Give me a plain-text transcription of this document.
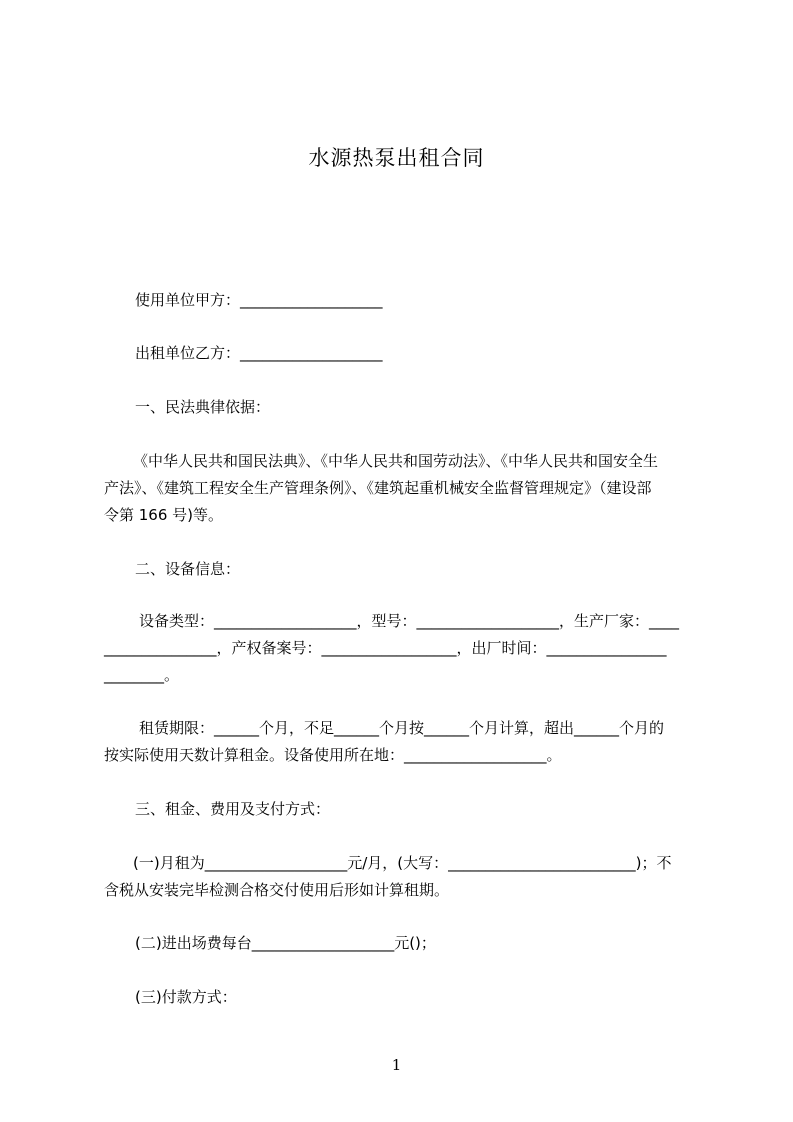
水源热泵出租合同
使用单位甲方：___________________
出租单位乙方：___________________
一、民法典律依据：
《中华人民共和国民法典》、《中华人民共和国劳动法》、《中华人民共和国安全生
产法》、《建筑工程安全生产管理条例》、《建筑起重机械安全监督管理规定》（建设部
令第 166 号)等。
二、设备信息：
设备类型：___________________，型号：___________________，生产厂家：____
_______________，产权备案号：__________________，出厂时间：________________
________。
租赁期限：______个月，不足______个月按______个月计算，超出______个月的
按实际使用天数计算租金。设备使用所在地：___________________。
三、租金、费用及支付方式：
(一)月租为___________________元/月，(大写：_________________________)；不
含税从安装完毕检测合格交付使用后形如计算租期。
(二)进出场费每台___________________元()；
(三)付款方式：
1
